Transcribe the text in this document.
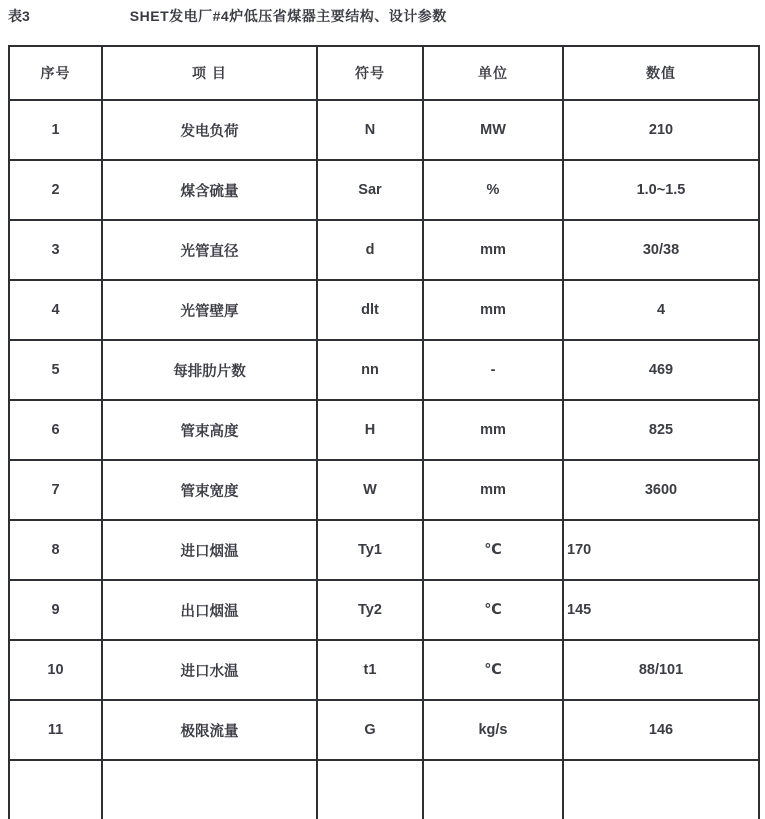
表3	SHET发电厂#4炉低压省煤器主要结构、设计参数
序号	项 目	符号	单位	数值
1	发电负荷	N	MW	210
2	煤含硫量	Sar	%	1.0~1.5
3	光管直径	d	mm	30/38
4	光管壁厚	dlt	mm	4
5	每排肋片数	nn	-	469
6	管束高度	H	mm	825
7	管束宽度	W	mm	3600
8	进口烟温	Ty1	℃	170
9	出口烟温	Ty2	℃	145
10	进口水温	t1	℃	88/101
11	极限流量	G	kg/s	146
